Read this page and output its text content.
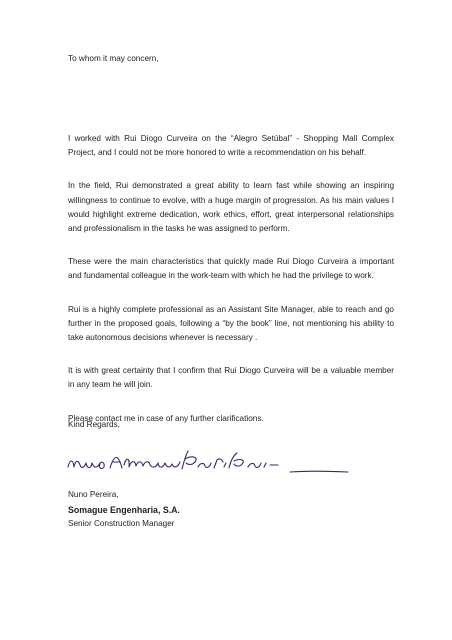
To whom it may concern,

I worked with Rui Diogo Curveira on the “Alegro Setúbal” - Shopping Mall Complex Project, and I could not be more honored to write a recommendation on his behalf.

In the field, Rui demonstrated a great ability to learn fast while showing an inspiring willingness to continue to evolve, with a huge margin of progression. As his main values I would highlight extreme dedication, work ethics, effort, great interpersonal relationships and professionalism in the tasks he was assigned to perform.

These were the main characteristics that quickly made Rui Diogo Curveira a important and fundamental colleague in the work-team with which he had the privilege to work.

Rui is a highly complete professional as an Assistant Site Manager, able to reach and go further in the proposed goals, following a “by the book” line, not mentioning his ability to take autonomous decisions whenever is necessary .

It is with great certainty that I confirm that Rui Diogo Curveira will be a valuable member in any team he will join.

Please contact me in case of any further clarifications.

Kind Regards,
Nuno Pereira,
Somague Engenharia, S.A.
Senior Construction Manager
